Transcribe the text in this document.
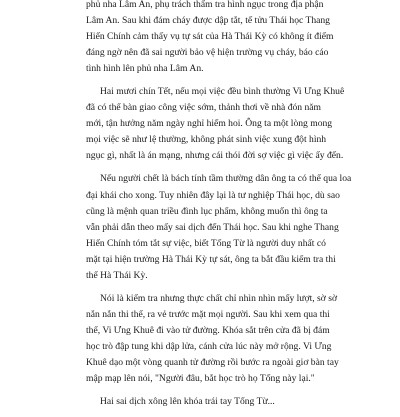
phủ nha Lâm An, phụ trách thẩm tra hình ngục trong địa phận
Lâm An. Sau khi đám cháy được dập tắt, tế tửu Thái học Thang
Hiến Chính cảm thấy vụ tự sát của Hà Thái Kỳ có không ít điểm
đáng ngờ nên đã sai người bảo vệ hiện trường vụ cháy, báo cáo
tình hình lên phủ nha Lâm An.
Hai mươi chín Tết, nếu mọi việc đều bình thường Vi Ưng Khuê
đã có thể bàn giao công việc sớm, thảnh thơi về nhà đón năm
mới, tận hưởng năm ngày nghỉ hiếm hoi. Ông ta một lòng mong
mọi việc sẽ như lệ thường, không phát sinh việc xung đột hình
ngục gì, nhất là án mạng, nhưng cái thói đời sợ việc gì việc ấy đến.
Nếu người chết là bách tính tầm thường dân ông ta có thể qua loa
đại khái cho xong. Tuy nhiên đây lại là tư nghiệp Thái học, dù sao
cũng là mệnh quan triều đình lục phẩm, không muốn thì ông ta
vẫn phải dẫn theo mấy sai dịch đến Thái học. Sau khi nghe Thang
Hiến Chính tóm tắt sự việc, biết Tống Từ là người duy nhất có
mặt tại hiện trường Hà Thái Kỳ tự sát, ông ta bắt đầu kiểm tra thi
thể Hà Thái Kỳ.
Nói là kiểm tra nhưng thực chất chỉ nhìn nhìn mấy lượt, sờ sờ
nắn nắn thi thể, ra vẻ trước mặt mọi người. Sau khi xem qua thi
thể, Vi Ưng Khuê đi vào tử đường. Khóa sắt trên cửa đã bị đám
học trò đập tung khi dập lửa, cánh cửa lúc này mở rộng. Vi Ưng
Khuê dạo một vòng quanh tử đường rồi bước ra ngoài giơ bàn tay
mập mạp lên nói, "Người đâu, bắt học trò họ Tống này lại."
Hai sai dịch xông lên khóa trái tay Tống Từ...
